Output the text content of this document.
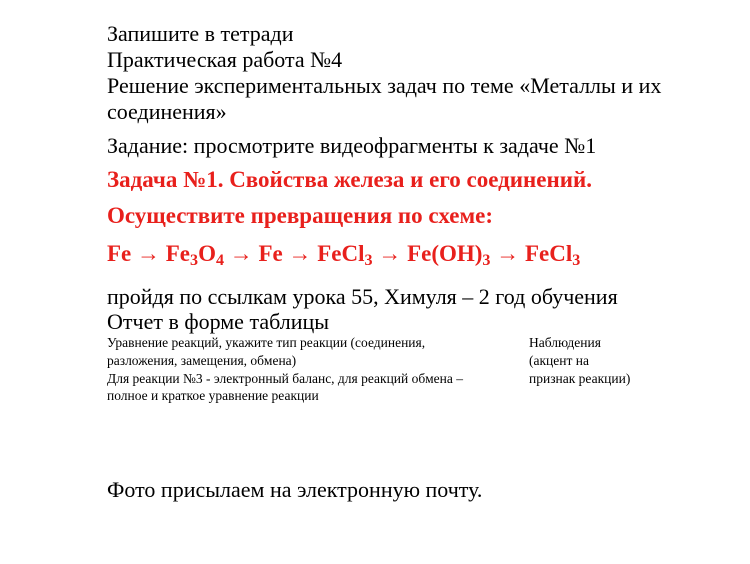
Запишите в тетради
Практическая работа №4
Решение экспериментальных задач по теме «Металлы и их
соединения»
Задание: просмотрите видеофрагменты к задаче №1
Задача №1. Свойства железа и его соединений.
Осуществите превращения по схеме:
$Fe \to Fe_3O_4 \to Fe$ → FeCl$_3$ → $Fe(OH)_3$ → FeCl$_3$
пройдя по ссылкам урока 55, Химуля – 2 год обучения
Отчет в форме таблицы
Уравнение реакций, укажите тип реакции (соединения,
разложения, замещения, обмена)
Для реакции №3 - электронный баланс, для реакций обмена –
полное и краткое уравнение реакции
Наблюдения
(акцент на
признак реакции)
Фото присылаем на электронную почту.
